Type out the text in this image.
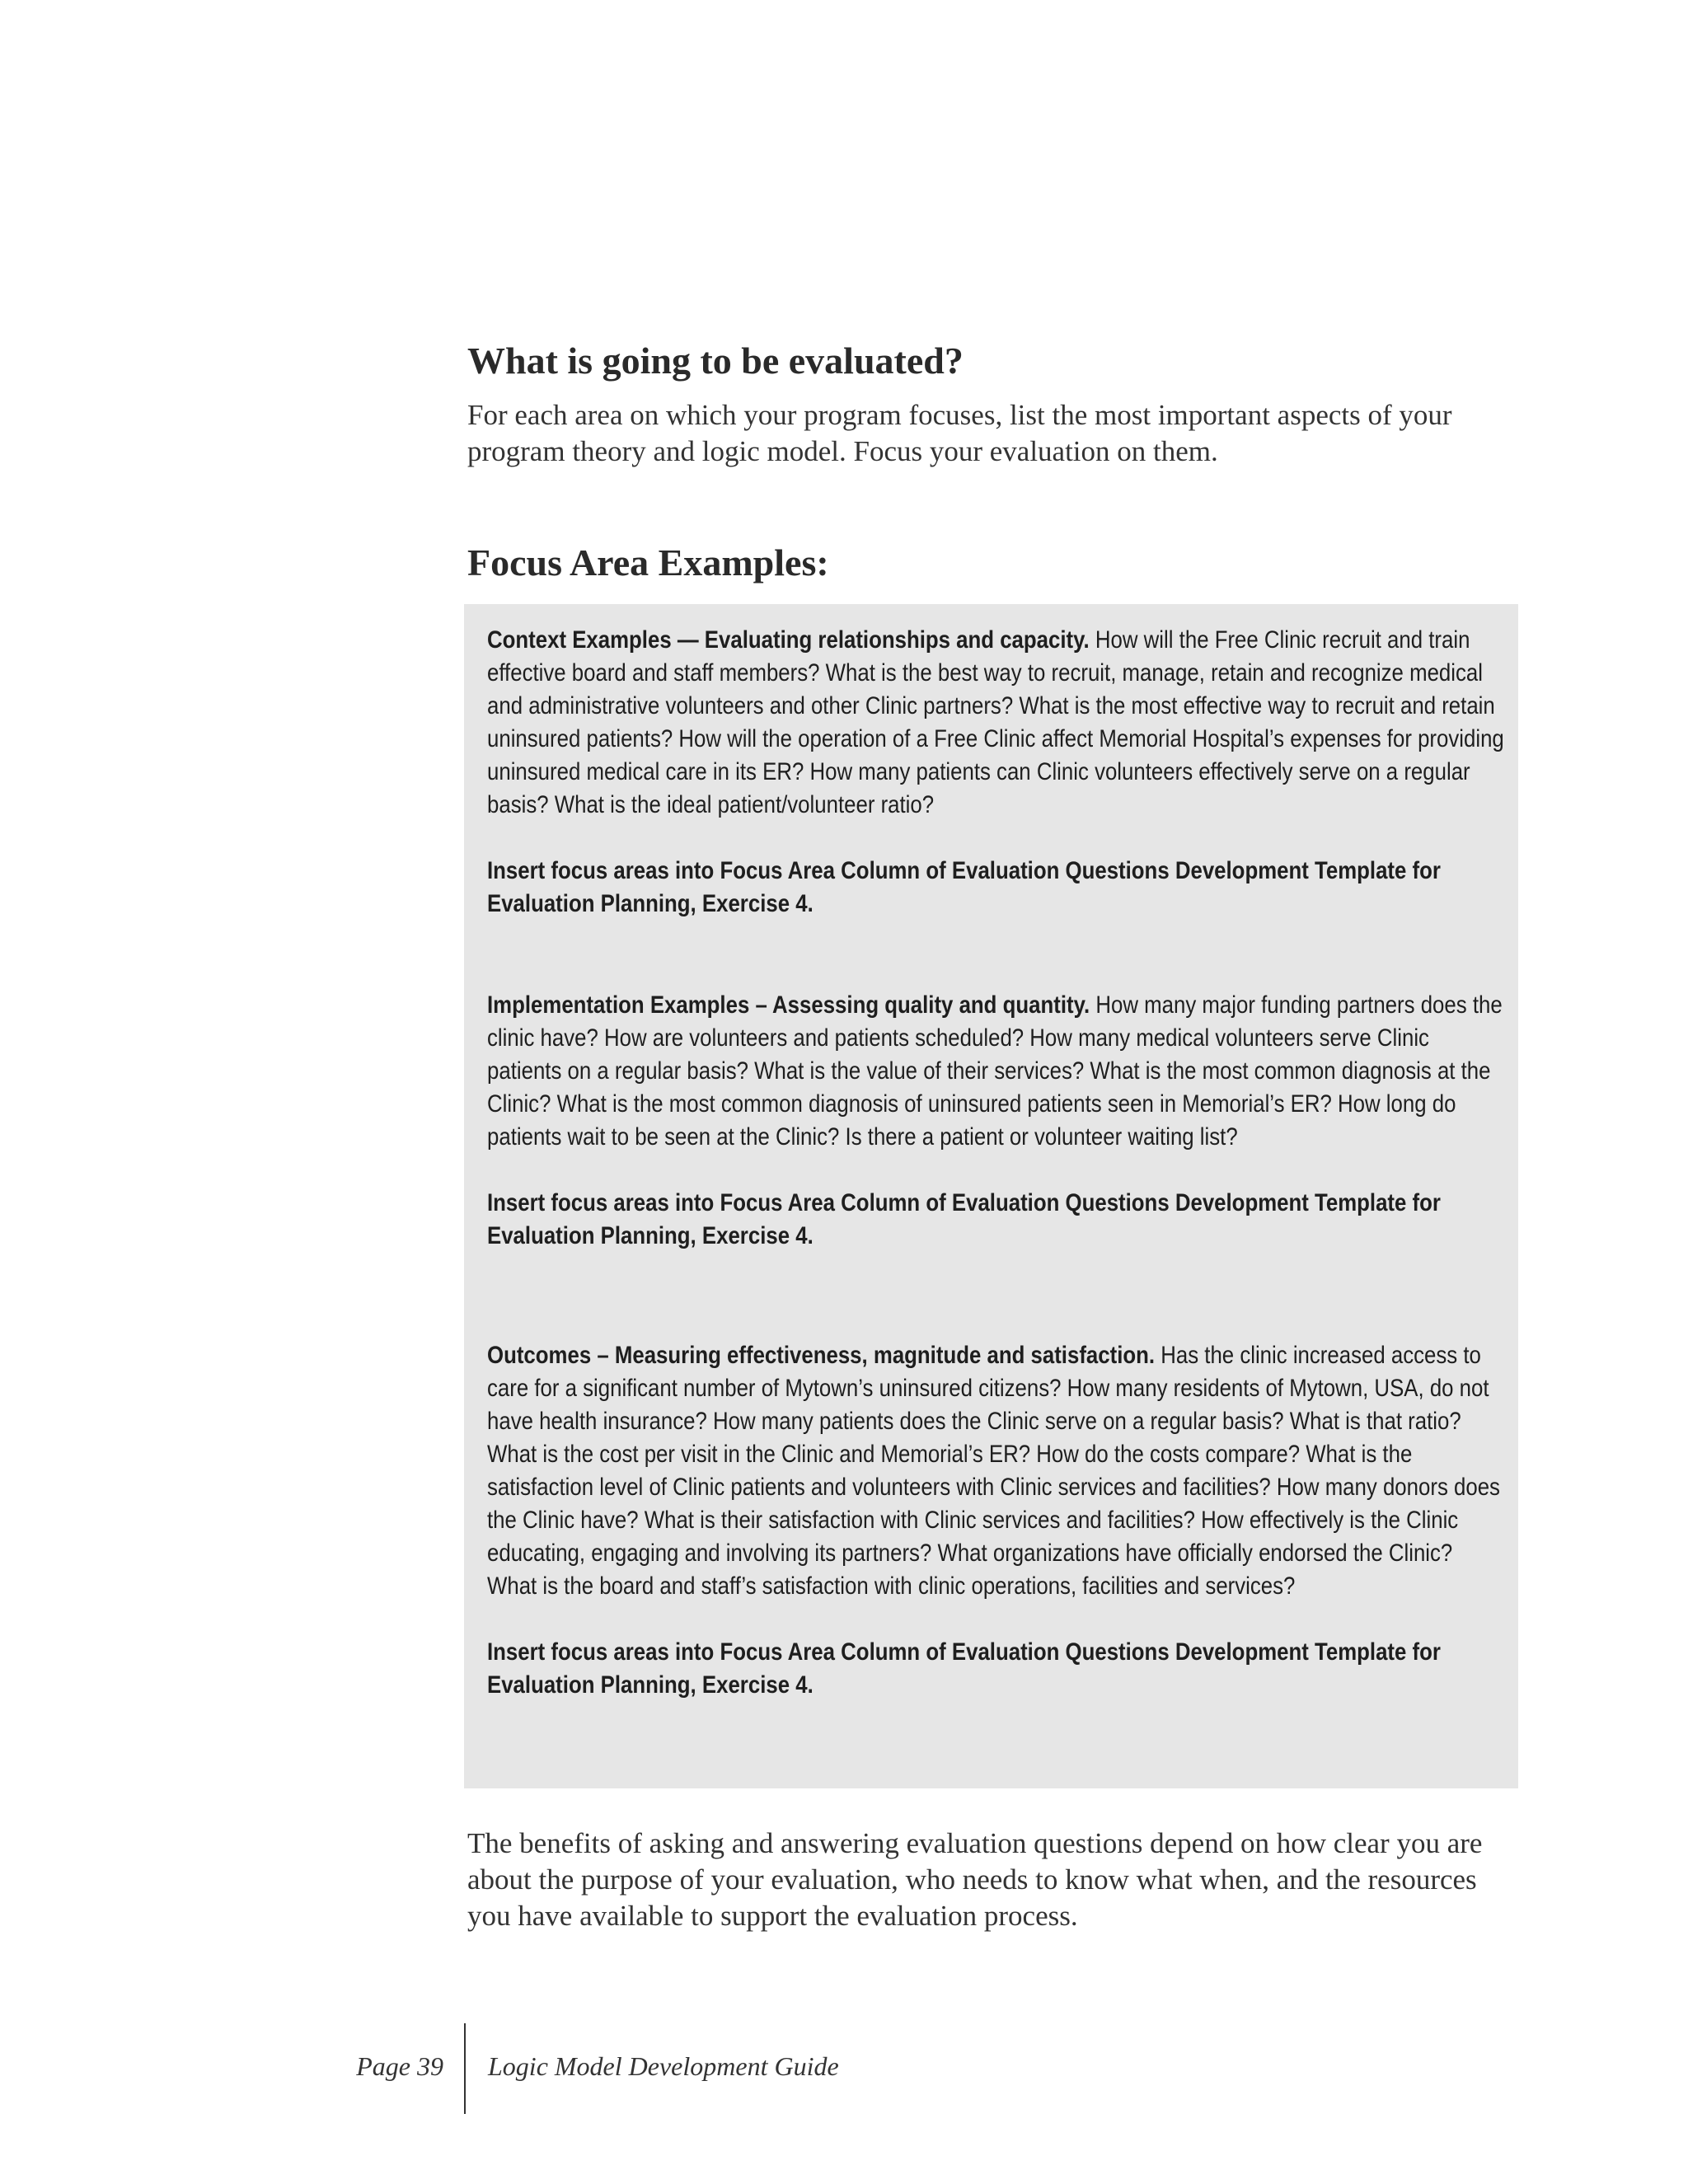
What is going to be evaluated?

For each area on which your program focuses, list the most important aspects of your program theory and logic model. Focus your evaluation on them.

Focus Area Examples:

Context Examples — Evaluating relationships and capacity. How will the Free Clinic recruit and train effective board and staff members? What is the best way to recruit, manage, retain and recognize medical and administrative volunteers and other Clinic partners? What is the most effective way to recruit and retain uninsured patients? How will the operation of a Free Clinic affect Memorial Hospital’s expenses for providing uninsured medical care in its ER? How many patients can Clinic volunteers effectively serve on a regular basis? What is the ideal patient/volunteer ratio?

Insert focus areas into Focus Area Column of Evaluation Questions Development Template for Evaluation Planning, Exercise 4.

Implementation Examples – Assessing quality and quantity. How many major funding partners does the clinic have? How are volunteers and patients scheduled? How many medical volunteers serve Clinic patients on a regular basis? What is the value of their services? What is the most common diagnosis at the Clinic? What is the most common diagnosis of uninsured patients seen in Memorial’s ER? How long do patients wait to be seen at the Clinic? Is there a patient or volunteer waiting list?

Insert focus areas into Focus Area Column of Evaluation Questions Development Template for Evaluation Planning, Exercise 4.

Outcomes – Measuring effectiveness, magnitude and satisfaction. Has the clinic increased access to care for a significant number of Mytown’s uninsured citizens? How many residents of Mytown, USA, do not have health insurance? How many patients does the Clinic serve on a regular basis? What is that ratio? What is the cost per visit in the Clinic and Memorial’s ER? How do the costs compare? What is the satisfaction level of Clinic patients and volunteers with Clinic services and facilities? How many donors does the Clinic have? What is their satisfaction with Clinic services and facilities? How effectively is the Clinic educating, engaging and involving its partners? What organizations have officially endorsed the Clinic? What is the board and staff’s satisfaction with clinic operations, facilities and services?

Insert focus areas into Focus Area Column of Evaluation Questions Development Template for Evaluation Planning, Exercise 4.

The benefits of asking and answering evaluation questions depend on how clear you are about the purpose of your evaluation, who needs to know what when, and the resources you have available to support the evaluation process.

Page 39 Logic Model Development Guide
